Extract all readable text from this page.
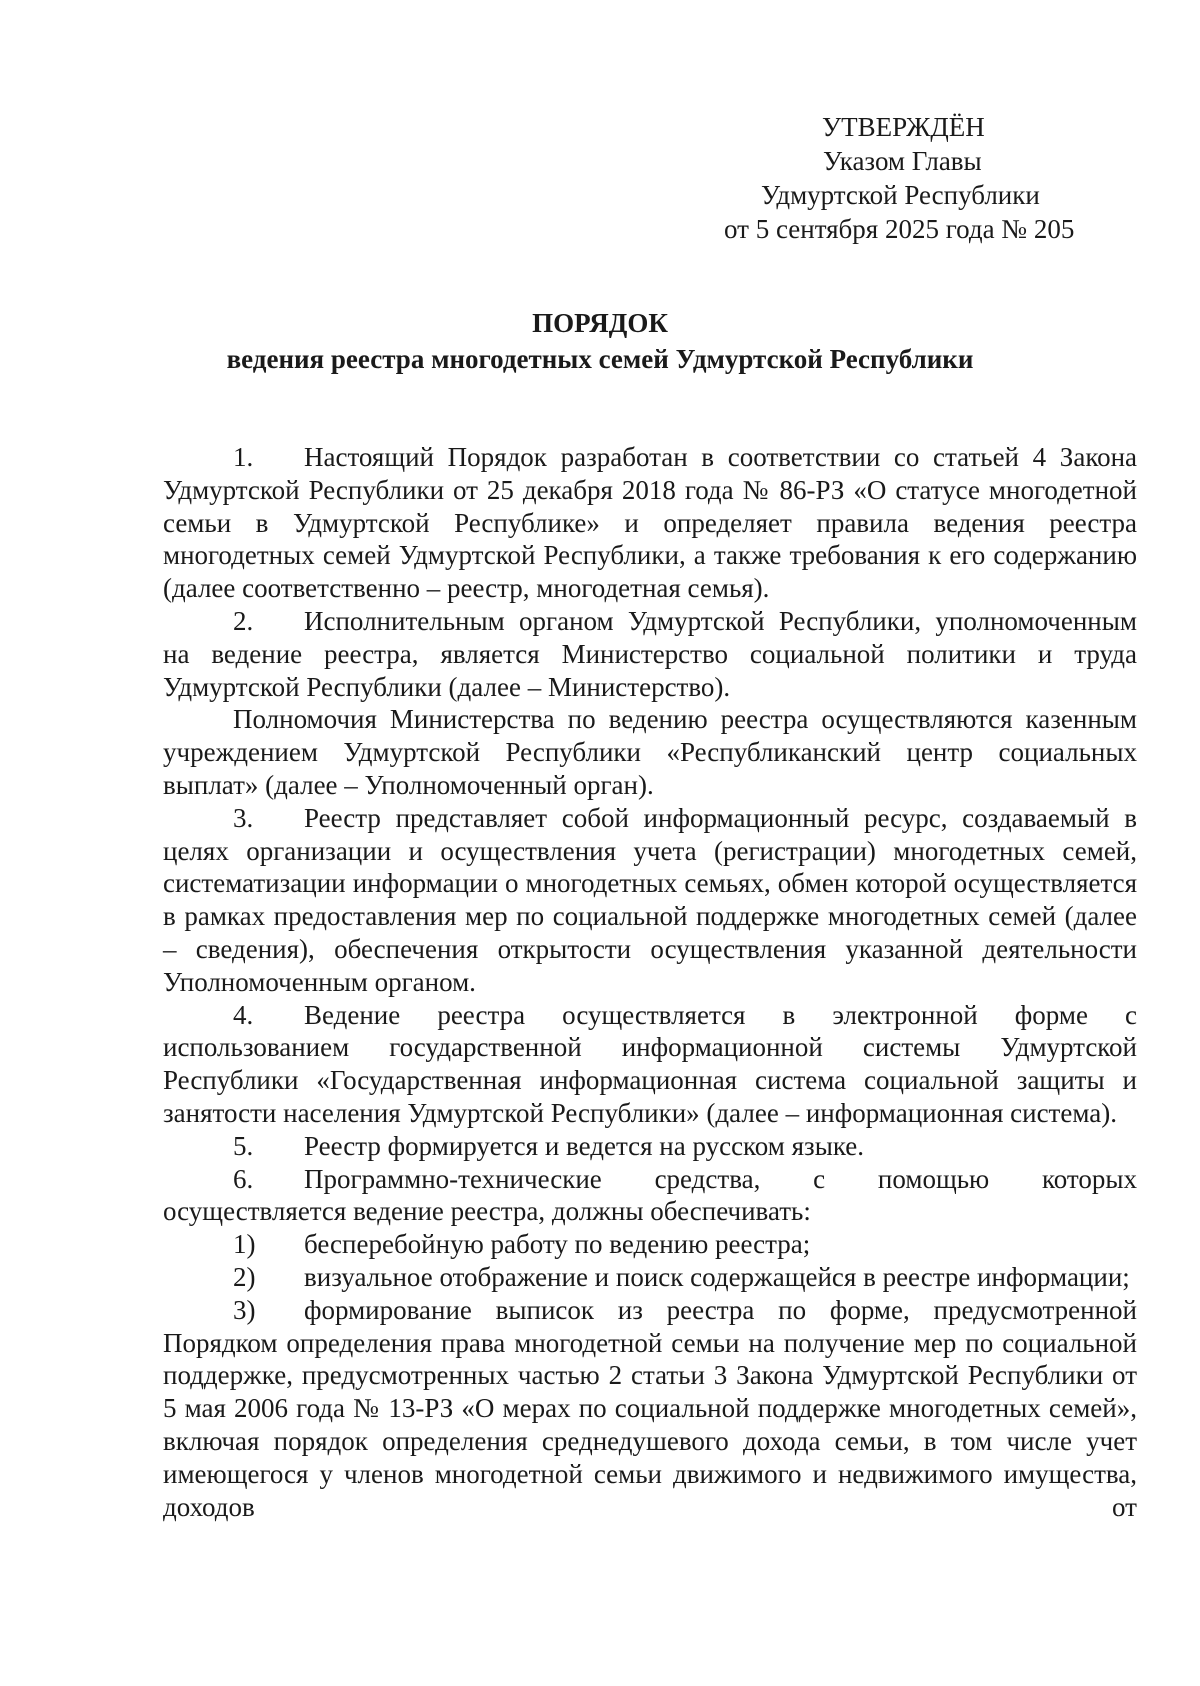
УТВЕРЖДЁН
Указом Главы
Удмуртской Республики
от 5 сентября 2025 года № 205
ПОРЯДОК
ведения реестра многодетных семей Удмуртской Республики

1. Настоящий Порядок разработан в соответствии со статьей 4 Закона Удмуртской Республики от 25 декабря 2018 года № 86-РЗ «О статусе многодетной семьи в Удмуртской Республике» и определяет правила ведения реестра многодетных семей Удмуртской Республики, а также требования к его содержанию (далее соответственно – реестр, многодетная семья).

2. Исполнительным органом Удмуртской Республики, уполномоченным на ведение реестра, является Министерство социальной политики и труда Удмуртской Республики (далее – Министерство).

Полномочия Министерства по ведению реестра осуществляются казенным учреждением Удмуртской Республики «Республиканский центр социальных выплат» (далее – Уполномоченный орган).

3. Реестр представляет собой информационный ресурс, создаваемый в целях организации и осуществления учета (регистрации) многодетных семей, систематизации информации о многодетных семьях, обмен которой осуществляется в рамках предоставления мер по социальной поддержке многодетных семей (далее – сведения), обеспечения открытости осуществления указанной деятельности Уполномоченным органом.

4. Ведение реестра осуществляется в электронной форме с использованием государственной информационной системы Удмуртской Республики «Государственная информационная система социальной защиты и занятости населения Удмуртской Республики» (далее – информационная система).

5. Реестр формируется и ведется на русском языке.

6. Программно-технические средства, с помощью которых осуществляется ведение реестра, должны обеспечивать:

1) бесперебойную работу по ведению реестра;

2) визуальное отображение и поиск содержащейся в реестре информации;

3) формирование выписок из реестра по форме, предусмотренной Порядком определения права многодетной семьи на получение мер по социальной поддержке, предусмотренных частью 2 статьи 3 Закона Удмуртской Республики от 5 мая 2006 года № 13-РЗ «О мерах по социальной поддержке многодетных семей», включая порядок определения среднедушевого дохода семьи, в том числе учет имеющегося у членов многодетной семьи движимого и недвижимого имущества, доходов от
